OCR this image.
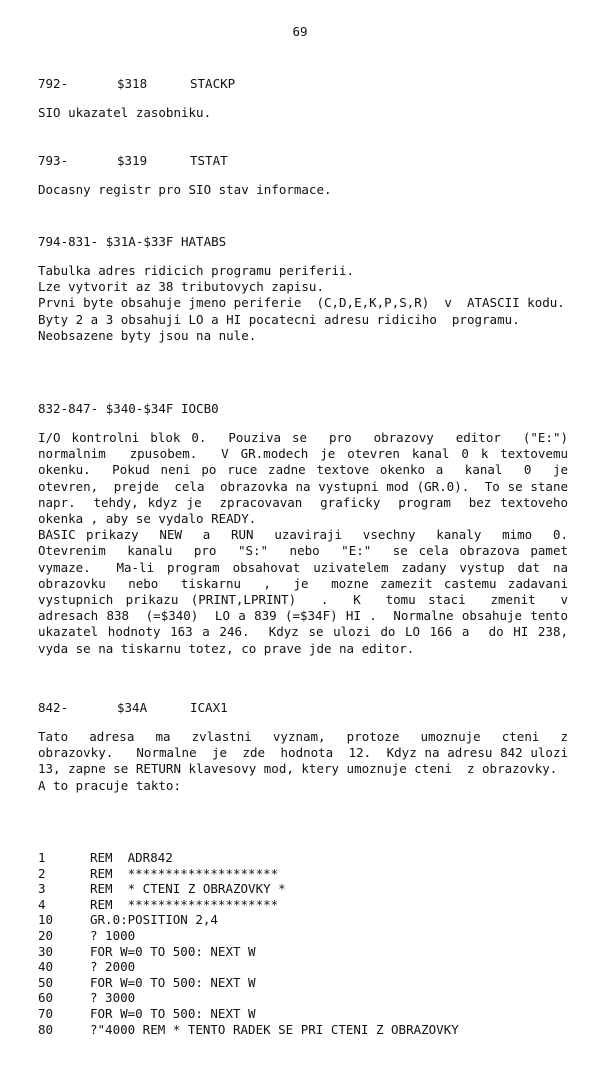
69
792-	$318	STACKP

SIO ukazatel zasobniku.

793-	$319	TSTAT

Docasny registr pro SIO stav informace.

794-831- $31A-$33F HATABS

Tabulka adres ridicich programu periferii.
Lze vytvorit az 38 tributovych zapisu.
Prvni byte obsahuje jmeno periferie  (C,D,E,K,P,S,R)  v  ATASCII kodu.
Byty 2 a 3 obsahuji LO a HI pocatecni adresu ridiciho  programu.
Neobsazene byty jsou na nule.

832-847- $340-$34F IOCB0

I/O kontrolni blok 0.  Pouziva se  pro  obrazovy  editor  ("E:") normalnim  zpusobem.  V GR.modech je otevren kanal 0 k textovemu okenku.  Pokud neni po ruce zadne textove okenko a  kanal  0  je otevren,  prejde  cela  obrazovka na vystupni mod (GR.0).  To se stane napr.  tehdy, kdyz je  zpracovavan  graficky  program  bez textoveho okenka , aby se vydalo READY.
BASIC prikazy  NEW  a  RUN  uzaviraji  vsechny  kanaly  mimo  0. Otevrenim  kanalu  pro  "S:"  nebo  "E:"  se cela obrazova pamet vymaze.  Ma-li program obsahovat uzivatelem zadany vystup dat na obrazovku  nebo  tiskarnu  ,  je  mozne zamezit castemu zadavani vystupnich prikazu (PRINT,LPRINT)  .  K  tomu staci  zmenit  v adresach 838  (=$340)  LO a 839 (=$34F) HI .  Normalne obsahuje tento ukazatel hodnoty 163 a 246.  Kdyz se ulozi do LO 166 a  do HI 238, vyda se na tiskarnu totez, co prave jde na editor.

842-	$34A	ICAX1

Tato  adresa  ma  zvlastni  vyznam,  protoze  umoznuje  cteni  z obrazovky.   Normalne  je  zde  hodnota  12.  Kdyz na adresu 842 ulozi 13, zapne se RETURN klavesovy mod, ktery umoznuje cteni  z obrazovky.
A to pracuje takto:

1	REM  ADR842
2	REM  ********************
3	REM  * CTENI Z OBRAZOVKY *
4	REM  ********************
10	GR.0:POSITION 2,4
20	? 1000
30	FOR W=0 TO 500: NEXT W
40	? 2000
50	FOR W=0 TO 500: NEXT W
60	? 3000
70	FOR W=0 TO 500: NEXT W
80	?"4000 REM * TENTO RADEK SE PRI CTENI Z OBRAZOVKY
